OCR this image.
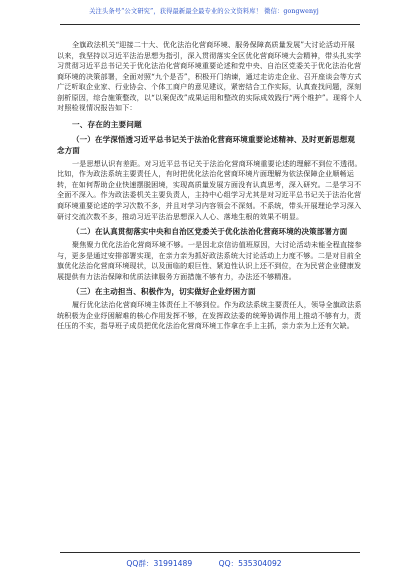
关注头条号“公文研究”，获得最新最全最专业的公文资料库！ 微信：gongwenyj

全旗政法机关“迎接二十大、优化法治化营商环境、服务保障高质量发展”大讨论活动开展以来，我坚持以习近平法治思想为指引，深入贯彻落实全区优化营商环境大会精神，带头扎实学习贯彻习近平总书记关于优化法治化营商环境重要论述和党中央、自治区党委关于优化法治化营商环境的决策部署，全面对照“九个是否”，积极开门纳谏，通过走访走企业、召开座谈会等方式广泛听取企业家、行业协会、个体工商户的意见建议，紧密结合工作实际，认真查找问题，深刻剖析原因，综合施策整改，以“以案促改”成果运用和整改的实际成效践行“两个维护”。现将个人对照检视情况报告如下：

一、存在的主要问题
（一）在学深悟透习近平总书记关于法治化营商环境重要论述精神、及时更新思想观念方面

一是思想认识有差距。对习近平总书记关于法治化营商环境重要论述的理解不到位不透彻。比如，作为政法系统主要责任人，有时把优化法治化营商环境片面理解为依法保障企业顺畅运转，在如何帮助企业快速摆脱困境，实现高质量发展方面没有认真思考，深入研究。二是学习不全面不深入。作为政法委机关主要负责人，主持中心组学习尤其是对习近平总书记关于法治化营商环境重要论述的学习次数不多，并且对学习内容领会不深刻。不系统，带头开展理论学习深入研讨交流次数不多，推动习近平法治思想深入人心、落地生根的效果不明显。

（二）在认真贯彻落实中央和自治区党委关于优化法治化营商环境的决策部署方面

聚焦聚力优化法治化营商环境不够。一是因北京信访值班原因，大讨论活动未能全程直接参与，更多是通过安排部署实现，在亲力亲为抓好政法系统大讨论活动上力度不够。二是对目前全旗优化法治化营商环境现状，以及面临的艰巨性、紧迫性认识上还不到位，在为民营企业健康发展提供有力法治保障和优质法律服务方面措施不够有力，办法还不够精准。

（三）在主动担当、积极作为，切实做好企业纾困方面

履行优化法治化营商环境主体责任上不够到位。作为政法系统主要责任人，领导全旗政法系统积极为企业纾困解难的核心作用发挥不够，在发挥政法委的统筹协调作用上推动不够有力，责任压的不实，指导班子成员把优化法治化营商环境工作拿在手上主抓，亲力亲为上还有欠缺。

QQ群：31991489	QQ：535304092
